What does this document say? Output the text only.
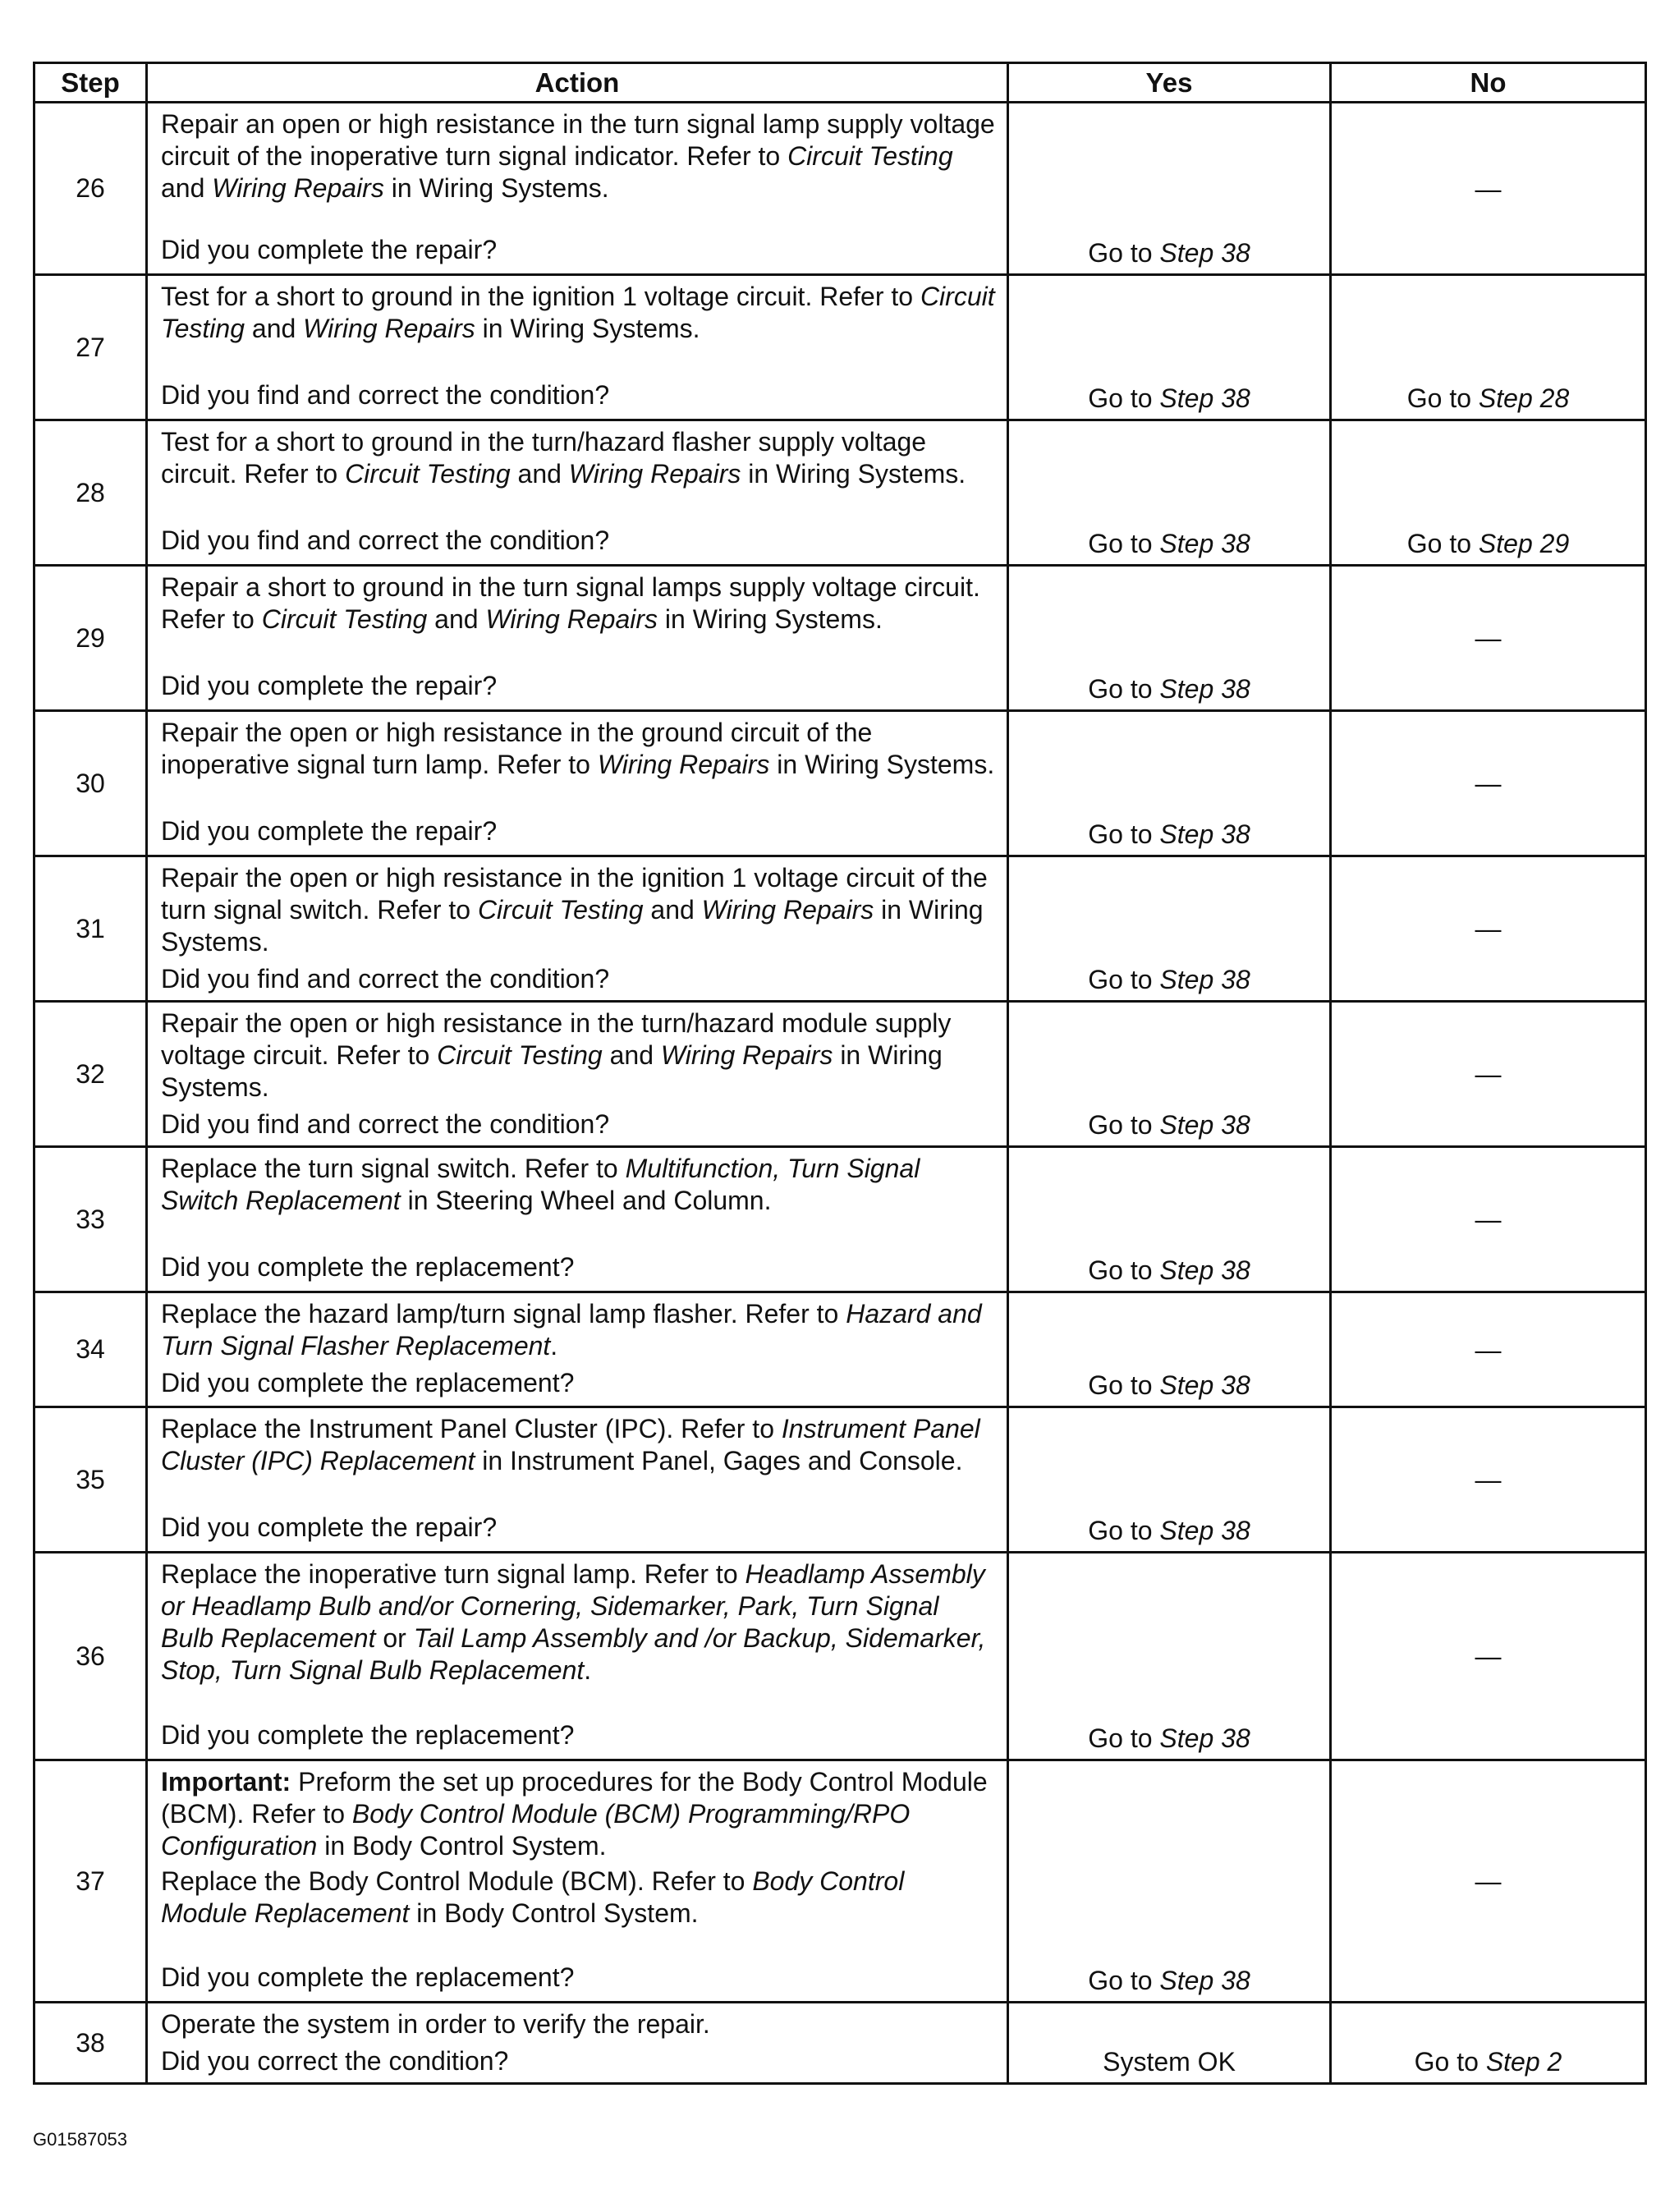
Step	Action	Yes	No
26	Repair an open or high resistance in the turn signal lamp supply voltage circuit of the inoperative turn signal indicator. Refer to Circuit Testing and Wiring Repairs in Wiring Systems.
Did you complete the repair?	Go to Step 38	—
27	Test for a short to ground in the ignition 1 voltage circuit. Refer to Circuit Testing and Wiring Repairs in Wiring Systems.
Did you find and correct the condition?	Go to Step 38	Go to Step 28
28	Test for a short to ground in the turn/hazard flasher supply voltage circuit. Refer to Circuit Testing and Wiring Repairs in Wiring Systems.
Did you find and correct the condition?	Go to Step 38	Go to Step 29
29	Repair a short to ground in the turn signal lamps supply voltage circuit. Refer to Circuit Testing and Wiring Repairs in Wiring Systems.
Did you complete the repair?	Go to Step 38	—
30	Repair the open or high resistance in the ground circuit of the inoperative signal turn lamp. Refer to Wiring Repairs in Wiring Systems.
Did you complete the repair?	Go to Step 38	—
31	Repair the open or high resistance in the ignition 1 voltage circuit of the turn signal switch. Refer to Circuit Testing and Wiring Repairs in Wiring Systems.
Did you find and correct the condition?	Go to Step 38	—
32	Repair the open or high resistance in the turn/hazard module supply voltage circuit. Refer to Circuit Testing and Wiring Repairs in Wiring Systems.
Did you find and correct the condition?	Go to Step 38	—
33	Replace the turn signal switch. Refer to Multifunction, Turn Signal Switch Replacement in Steering Wheel and Column.
Did you complete the replacement?	Go to Step 38	—
34	Replace the hazard lamp/turn signal lamp flasher. Refer to Hazard and Turn Signal Flasher Replacement.
Did you complete the replacement?	Go to Step 38	—
35	Replace the Instrument Panel Cluster (IPC). Refer to Instrument Panel Cluster (IPC) Replacement in Instrument Panel, Gages and Console.
Did you complete the repair?	Go to Step 38	—
36	Replace the inoperative turn signal lamp. Refer to Headlamp Assembly or Headlamp Bulb and/or Cornering, Sidemarker, Park, Turn Signal Bulb Replacement or Tail Lamp Assembly and /or Backup, Sidemarker, Stop, Turn Signal Bulb Replacement.
Did you complete the replacement?	Go to Step 38	—
37	Important: Preform the set up procedures for the Body Control Module (BCM). Refer to Body Control Module (BCM) Programming/RPO Configuration in Body Control System.
Replace the Body Control Module (BCM). Refer to Body Control Module Replacement in Body Control System.
Did you complete the replacement?	Go to Step 38	—
38	Operate the system in order to verify the repair.
Did you correct the condition?	System OK	Go to Step 2
G01587053
